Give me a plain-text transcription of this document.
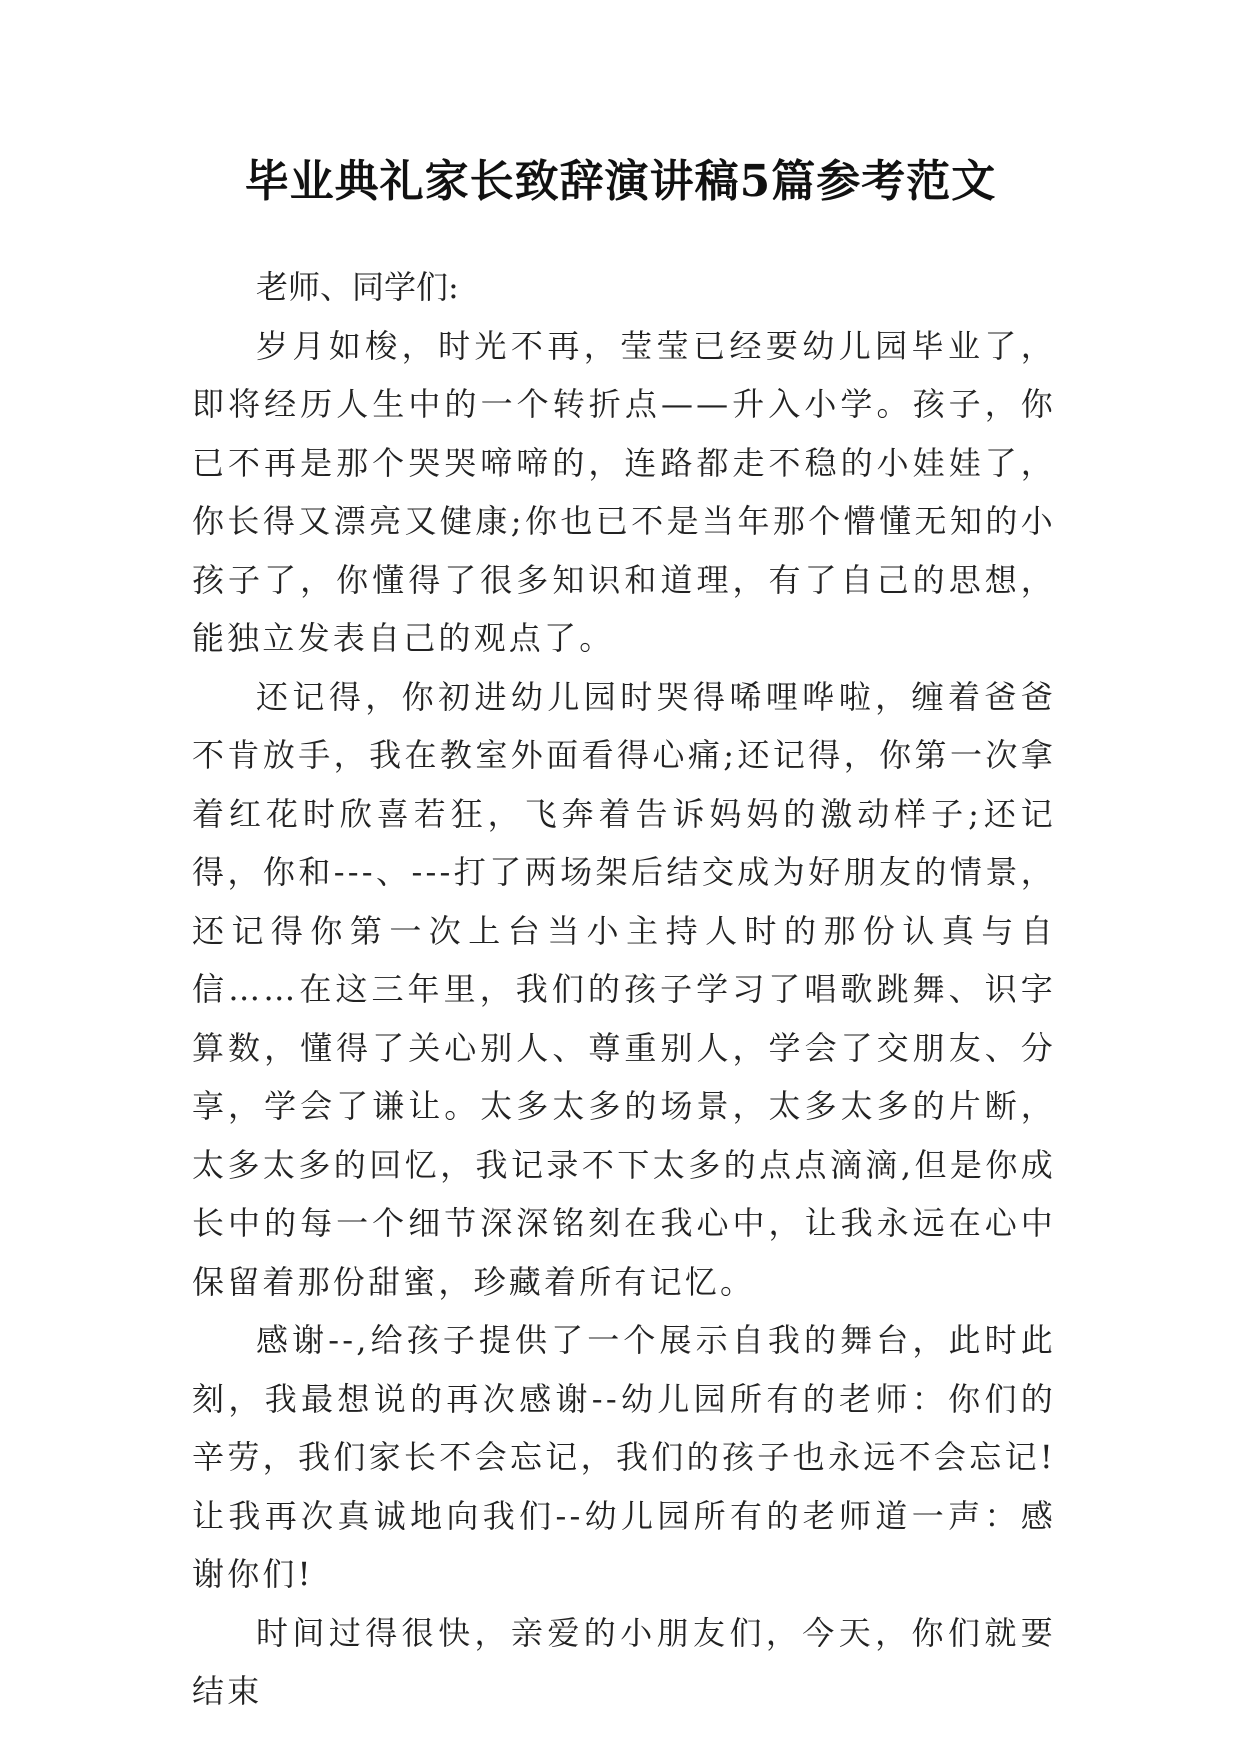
毕业典礼家长致辞演讲稿5篇参考范文

老师、同学们:

岁月如梭，时光不再，莹莹已经要幼儿园毕业了，即将经历人生中的一个转折点——升入小学。孩子，你已不再是那个哭哭啼啼的，连路都走不稳的小娃娃了，你长得又漂亮又健康;你也已不是当年那个懵懂无知的小孩子了，你懂得了很多知识和道理，有了自己的思想，能独立发表自己的观点了。

还记得，你初进幼儿园时哭得唏哩哗啦，缠着爸爸不肯放手，我在教室外面看得心痛;还记得，你第一次拿着红花时欣喜若狂，飞奔着告诉妈妈的激动样子;还记得，你和---、---打了两场架后结交成为好朋友的情景，还记得你第一次上台当小主持人时的那份认真与自信……在这三年里，我们的孩子学习了唱歌跳舞、识字算数，懂得了关心别人、尊重别人，学会了交朋友、分享，学会了谦让。太多太多的场景，太多太多的片断，太多太多的回忆，我记录不下太多的点点滴滴,但是你成长中的每一个细节深深铭刻在我心中，让我永远在心中保留着那份甜蜜，珍藏着所有记忆。

感谢--,给孩子提供了一个展示自我的舞台，此时此刻，我最想说的再次感谢--幼儿园所有的老师：你们的辛劳，我们家长不会忘记，我们的孩子也永远不会忘记!让我再次真诚地向我们--幼儿园所有的老师道一声：感谢你们!

时间过得很快，亲爱的小朋友们，今天，你们就要结束
